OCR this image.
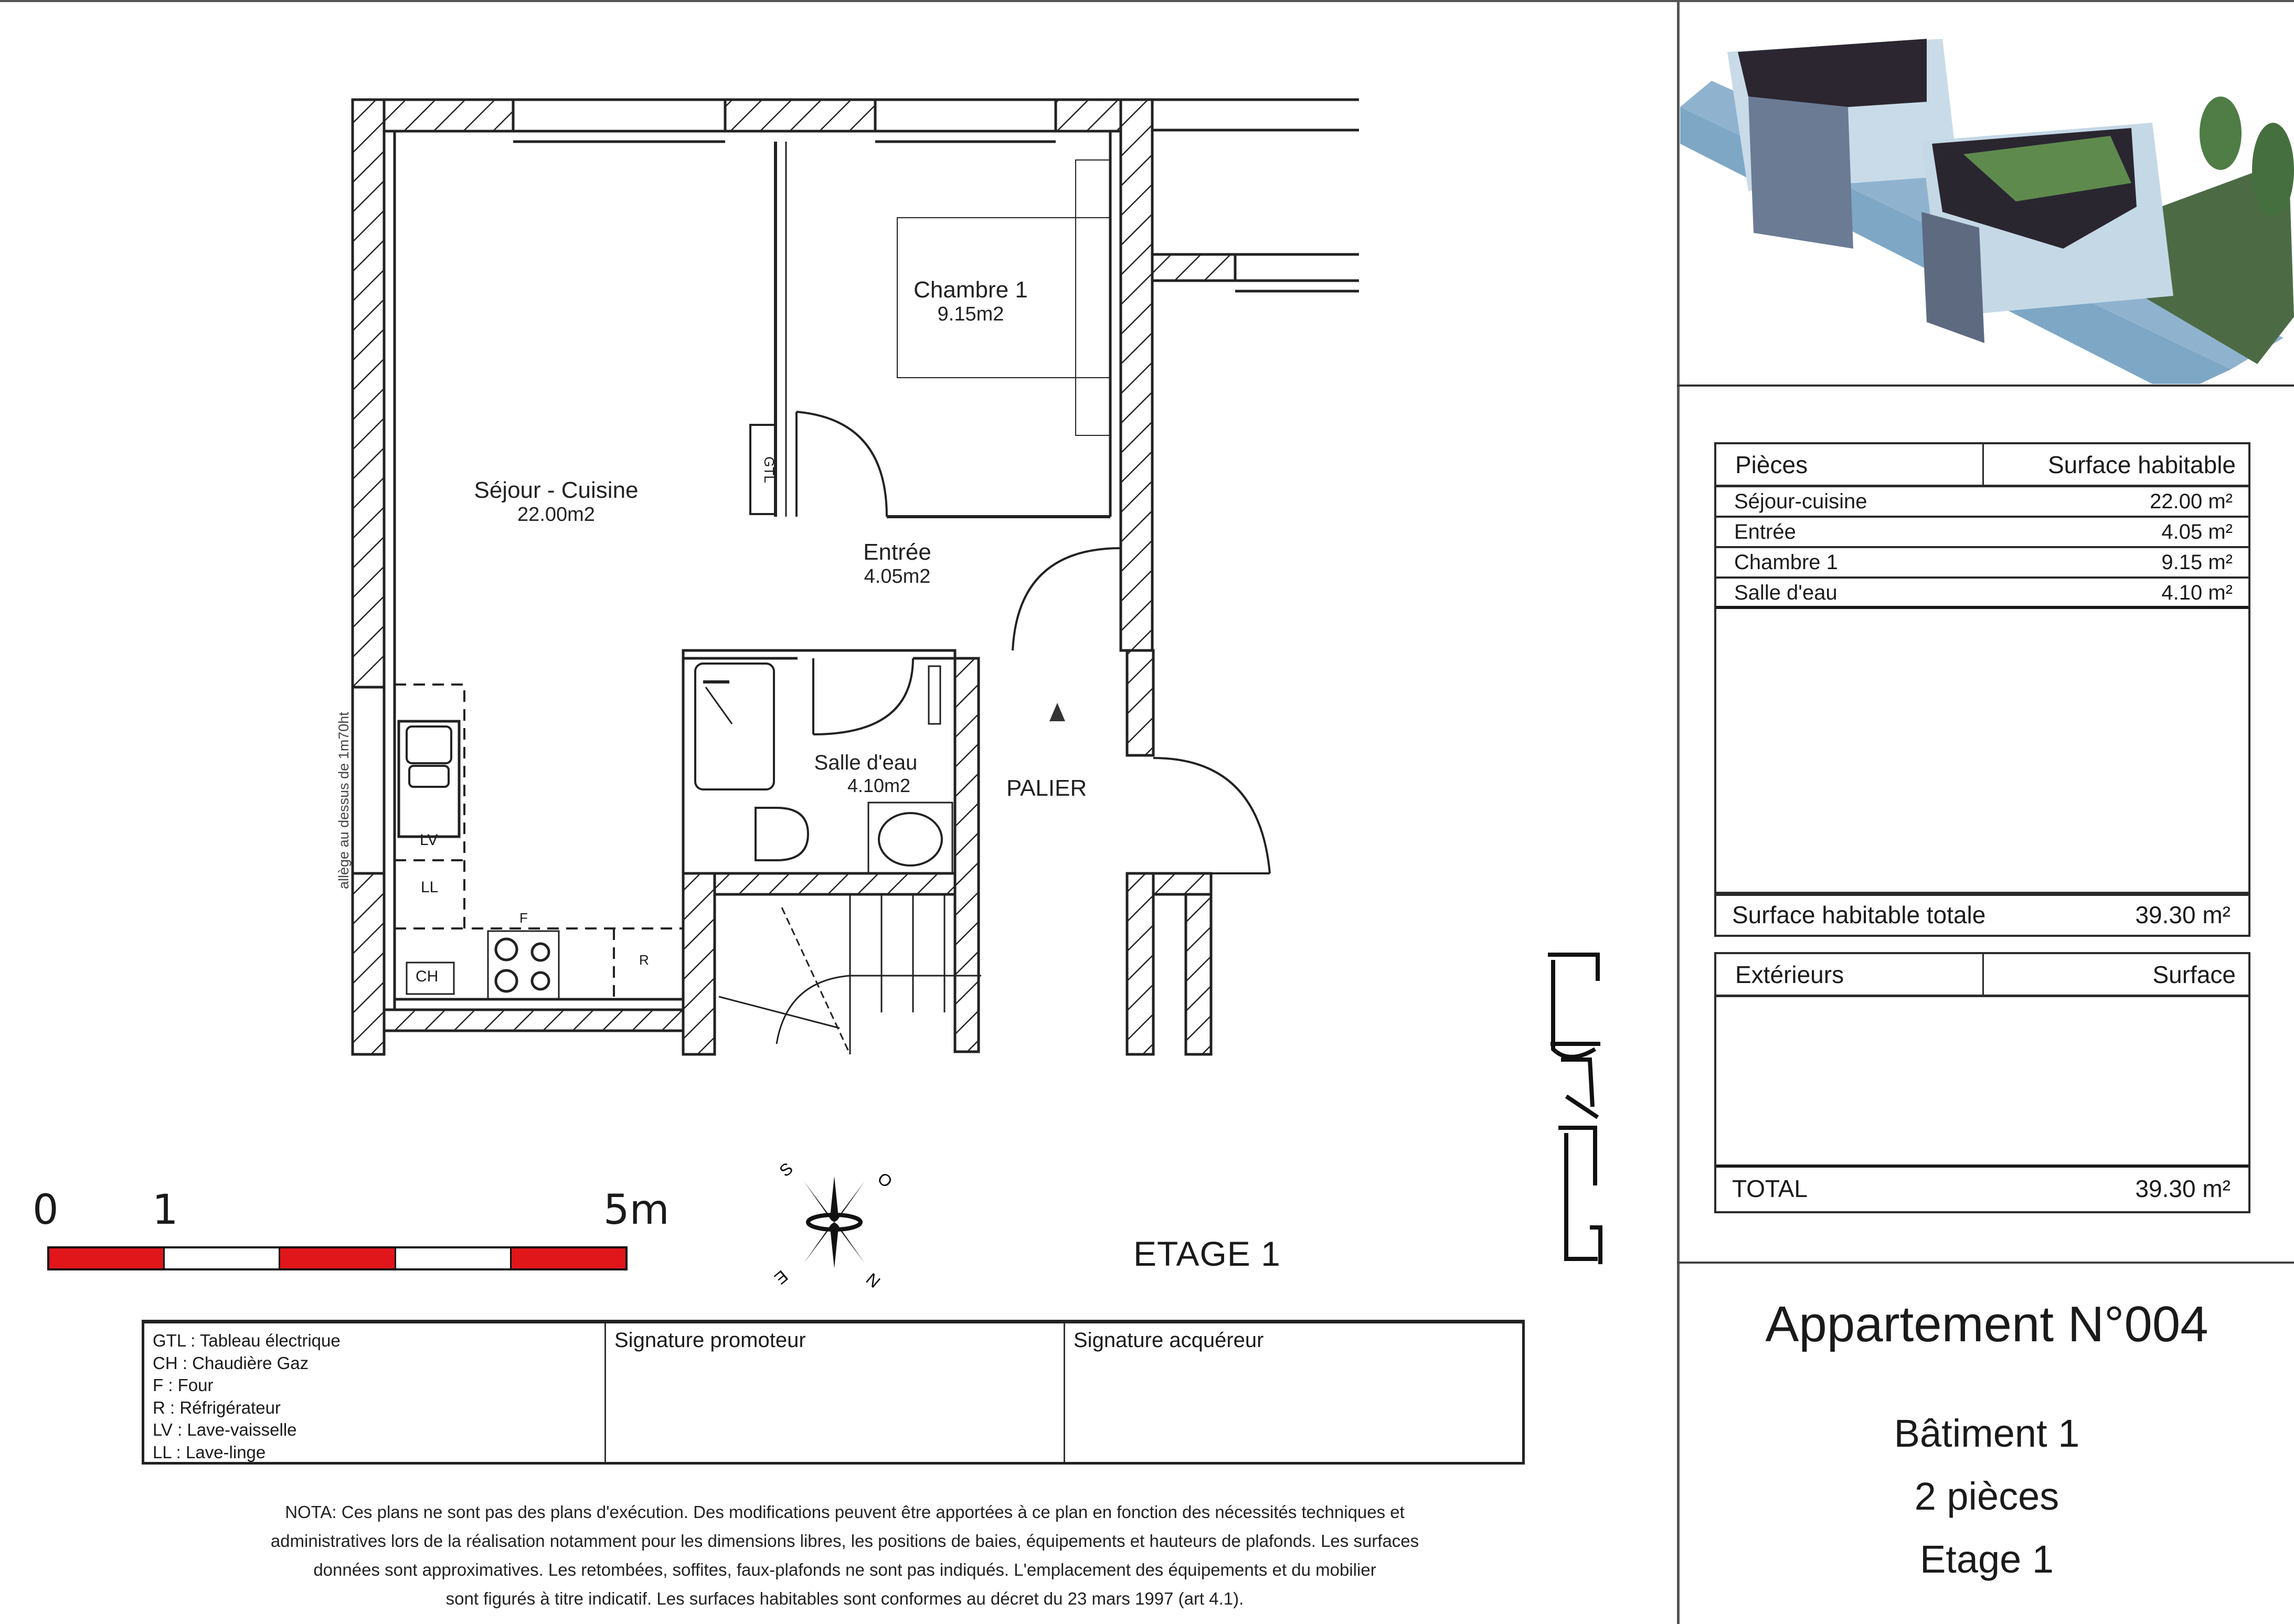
S	O
E	N
Séjour - Cuisine
22.00m2
Chambre 1
9.15m2
Entrée
4.05m2
Salle d'eau
4.10m2	PALIER
GTL
LV
LL
F
R
CH
allège au dessus de 1m70ht
0 1	5m
ETAGE 1
GTL : Tableau électrique
CH : Chaudière Gaz
F : Four
R : Réfrigérateur
LV : Lave-vaisselle
LL : Lave-linge
Signature promoteur	Signature acquéreur

NOTA: Ces plans ne sont pas des plans d'exécution. Des modifications peuvent être apportées à ce plan en fonction des nécessités techniques et

administratives lors de la réalisation notamment pour les dimensions libres, les positions de baies, équipements et hauteurs de plafonds. Les surfaces

données sont approximatives. Les retombées, soffites, faux-plafonds ne sont pas indiqués. L'emplacement des équipements et du mobilier

sont figurés à titre indicatif. Les surfaces habitables sont conformes au décret du 23 mars 1997 (art 4.1).

Pièces	Surface habitable
Séjour-cuisine	22.00 m²
Entrée	4.05 m²
Chambre 1	9.15 m²
Salle d'eau	4.10 m²
Surface habitable totale	39.30 m²
Extérieurs	Surface
TOTAL	39.30 m²
Appartement N°004
Bâtiment 1
2 pièces
Etage 1
